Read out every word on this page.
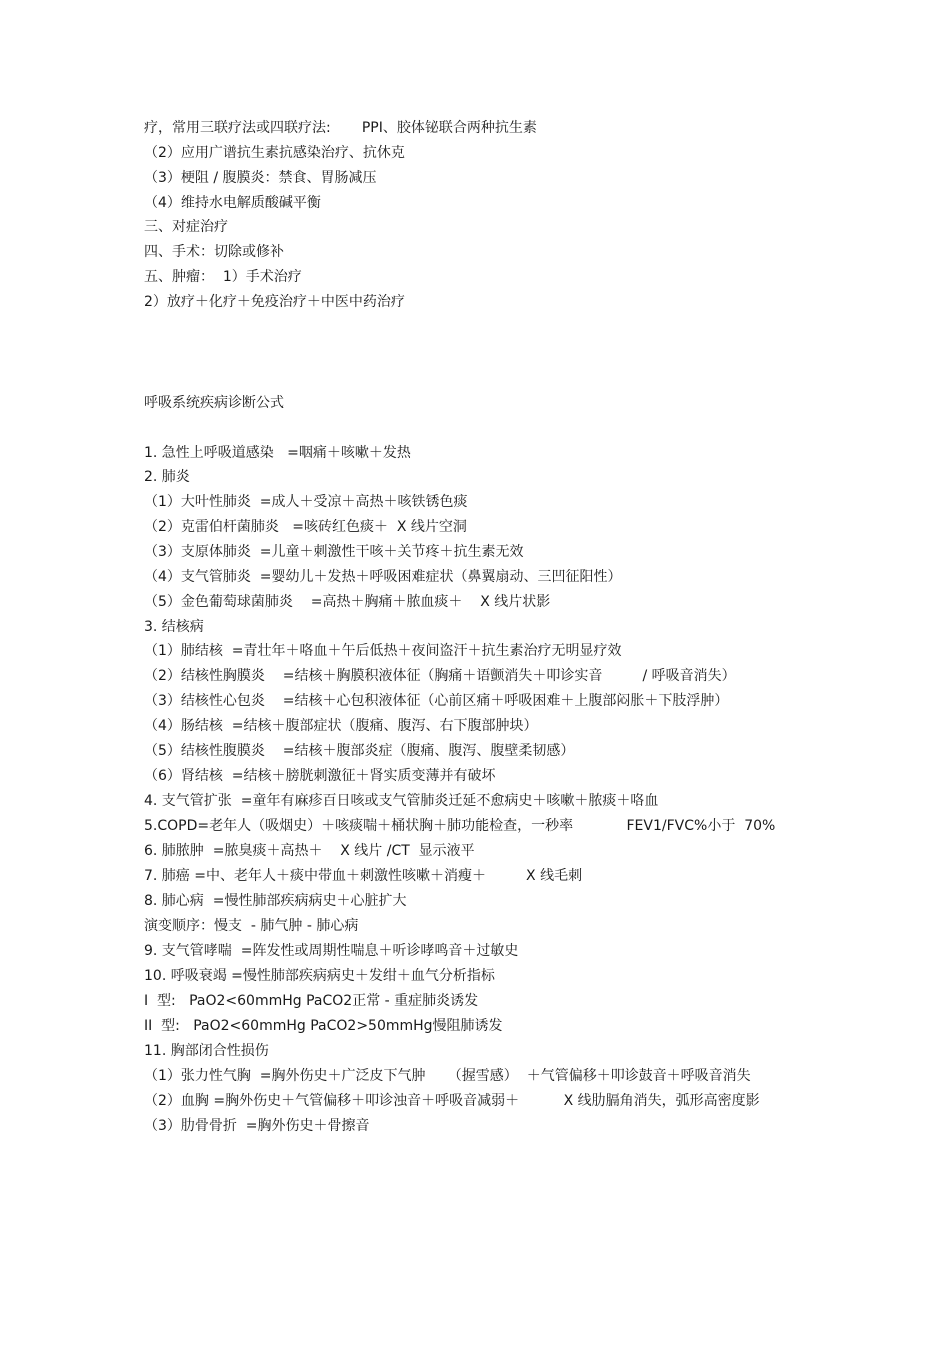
疗，常用三联疗法或四联疗法:       PPI、胶体铋联合两种抗生素
（2）应用广谱抗生素抗感染治疗、抗休克
（3）梗阻 / 腹膜炎：禁食、胃肠减压
（4）维持水电解质酸碱平衡
三、对症治疗
四、手术：切除或修补
五、肿瘤：  1）手术治疗
2）放疗＋化疗＋免疫治疗＋中医中药治疗
呼吸系统疾病诊断公式
1. 急性上呼吸道感染   =咽痛＋咳嗽＋发热
2. 肺炎
（1）大叶性肺炎  =成人＋受凉＋高热＋咳铁锈色痰
（2）克雷伯杆菌肺炎   =咳砖红色痰＋  X 线片空洞
（3）支原体肺炎  =儿童＋刺激性干咳＋关节疼＋抗生素无效
（4）支气管肺炎  =婴幼儿＋发热＋呼吸困难症状（鼻翼扇动、三凹征阳性）
（5）金色葡萄球菌肺炎    =高热＋胸痛＋脓血痰＋    X 线片状影
3. 结核病
（1）肺结核  =青壮年＋咯血＋午后低热＋夜间盗汗＋抗生素治疗无明显疗效
（2）结核性胸膜炎    =结核＋胸膜积液体征（胸痛＋语颤消失＋叩诊实音         / 呼吸音消失）
（3）结核性心包炎    =结核＋心包积液体征（心前区痛＋呼吸困难＋上腹部闷胀＋下肢浮肿）
（4）肠结核  =结核＋腹部症状（腹痛、腹泻、右下腹部肿块）
（5）结核性腹膜炎    =结核＋腹部炎症（腹痛、腹泻、腹壁柔韧感）
（6）肾结核  =结核＋膀胱刺激征＋肾实质变薄并有破坏
4. 支气管扩张  =童年有麻疹百日咳或支气管肺炎迁延不愈病史＋咳嗽＋脓痰＋咯血
5.COPD=老年人（吸烟史）＋咳痰喘＋桶状胸＋肺功能检查，一秒率            FEV1/FVC%小于  70%
6. 肺脓肿  =脓臭痰＋高热＋    X 线片 /CT  显示液平
7. 肺癌 =中、老年人＋痰中带血＋刺激性咳嗽＋消瘦＋         X 线毛刺
8. 肺心病  =慢性肺部疾病病史＋心脏扩大
演变顺序：慢支  - 肺气肿 - 肺心病
9. 支气管哮喘  =阵发性或周期性喘息＋听诊哮鸣音＋过敏史
10. 呼吸衰竭 =慢性肺部疾病病史＋发绀＋血气分析指标
I  型:   PaO2<60mmHg PaCO2正常 - 重症肺炎诱发
II  型:   PaO2<60mmHg PaCO2>50mmHg慢阻肺诱发
11. 胸部闭合性损伤
（1）张力性气胸  =胸外伤史＋广泛皮下气肿     （握雪感）  ＋气管偏移＋叩诊鼓音＋呼吸音消失
（2）血胸 =胸外伤史＋气管偏移＋叩诊浊音＋呼吸音减弱＋          X 线肋膈角消失，弧形高密度影
（3）肋骨骨折  =胸外伤史＋骨擦音
